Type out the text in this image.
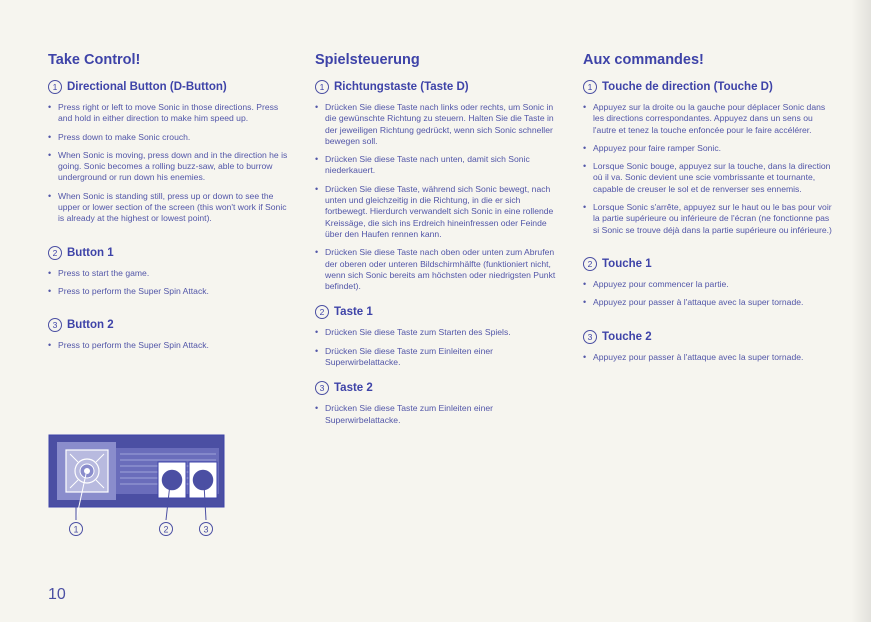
Take Control!
1 Directional Button (D-Button)
• Press right or left to move Sonic in those directions. Press and hold in either direction to make him speed up.
• Press down to make Sonic crouch.
• When Sonic is moving, press down and in the direction he is going. Sonic becomes a rolling buzz-saw, able to burrow underground or run down his enemies.
• When Sonic is standing still, press up or down to see the upper or lower section of the screen (this won't work if Sonic is already at the highest or lowest point).
2 Button 1
• Press to start the game.
• Press to perform the Super Spin Attack.
3 Button 2
• Press to perform the Super Spin Attack.
Spielsteuerung
1 Richtungstaste (Taste D)
• Drücken Sie diese Taste nach links oder rechts, um Sonic in die gewünschte Richtung zu steuern. Halten Sie die Taste in der jeweiligen Richtung gedrückt, wenn sich Sonic schneller bewegen soll.
• Drücken Sie diese Taste nach unten, damit sich Sonic niederkauert.
• Drücken Sie diese Taste, während sich Sonic bewegt, nach unten und gleichzeitig in die Richtung, in die er sich fortbewegt. Hierdurch verwandelt sich Sonic in eine rollende Kreissäge, die sich ins Erdreich hineinfressen oder Feinde über den Haufen rennen kann.
• Drücken Sie diese Taste nach oben oder unten zum Abrufen der oberen oder unteren Bildschirmhälfte (funktioniert nicht, wenn sich Sonic bereits am höchsten oder niedrigsten Punkt befindet).
2 Taste 1
• Drücken Sie diese Taste zum Starten des Spiels.
• Drücken Sie diese Taste zum Einleiten einer Superwirbelattacke.
3 Taste 2
• Drücken Sie diese Taste zum Einleiten einer Superwirbelattacke.
Aux commandes!
1 Touche de direction (Touche D)
• Appuyez sur la droite ou la gauche pour déplacer Sonic dans les directions correspondantes. Appuyez dans un sens ou l'autre et tenez la touche enfoncée pour le faire accélérer.
• Appuyez pour faire ramper Sonic.
• Lorsque Sonic bouge, appuyez sur la touche, dans la direction où il va. Sonic devient une scie vombrissante et tournante, capable de creuser le sol et de renverser ses ennemis.
• Lorsque Sonic s'arrête, appuyez sur le haut ou le bas pour voir la partie supérieure ou inférieure de l'écran (ne fonctionne pas si Sonic se trouve déjà dans la partie supérieure ou inférieure.)
2 Touche 1
• Appuyez pour commencer la partie.
• Appuyez pour passer à l'attaque avec la super tornade.
3 Touche 2
• Appuyez pour passer à l'attaque avec la super tornade.
1	2	3
10
